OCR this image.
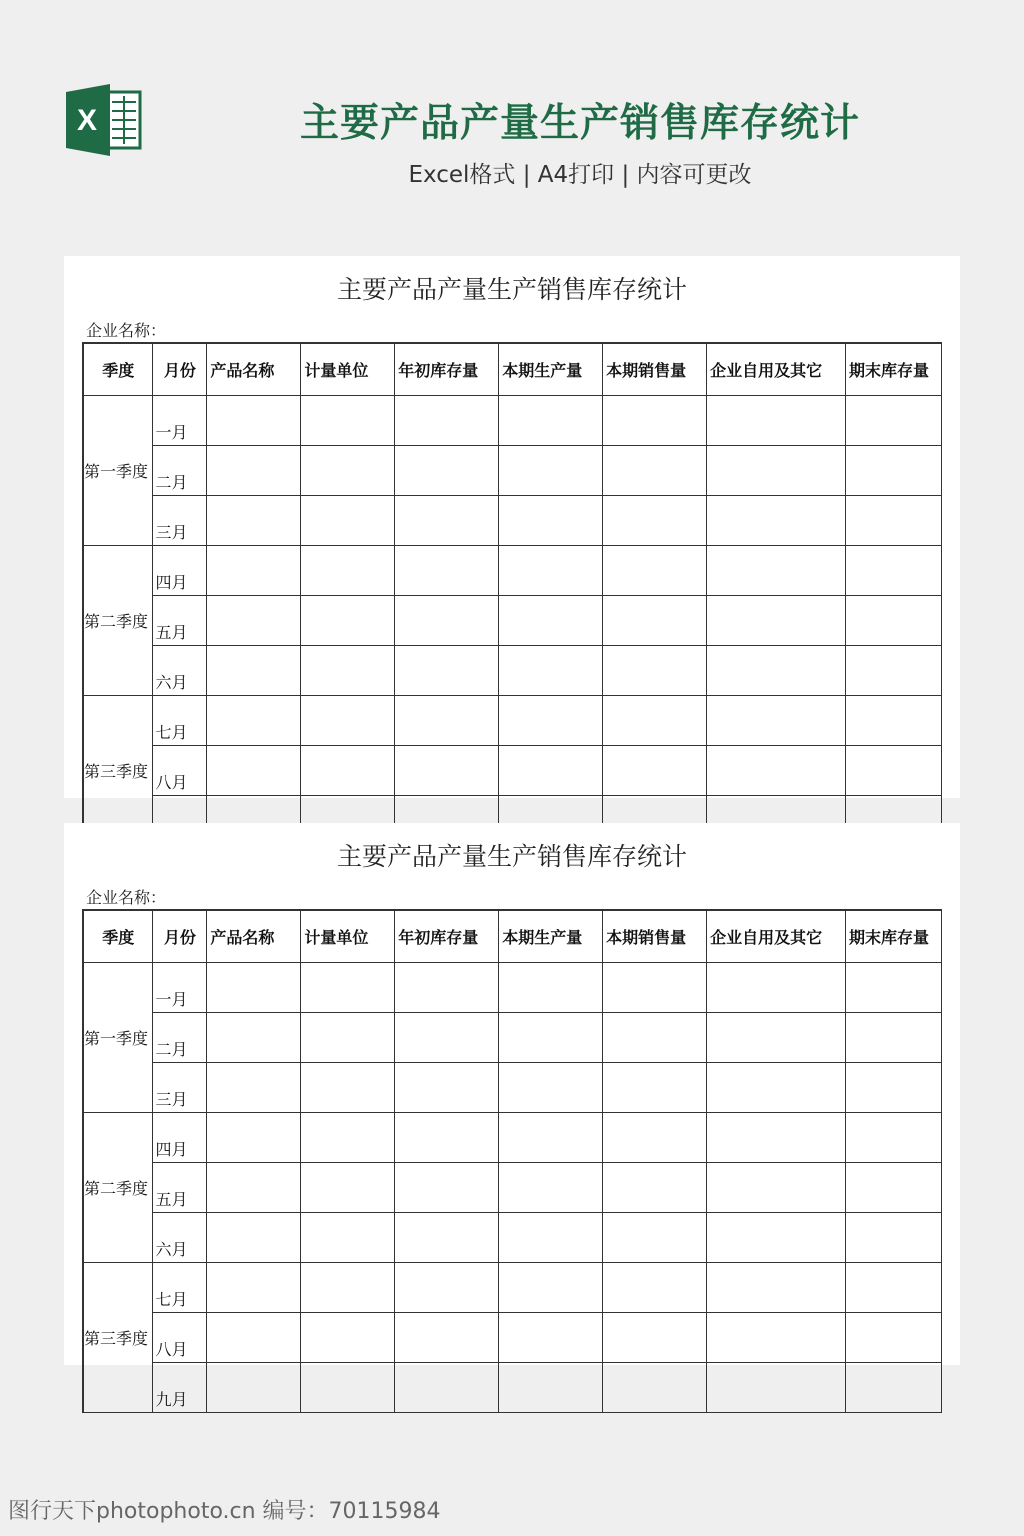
X	主要产品产量生产销售库存统计
Excel格式 | A4打印 | 内容可更改
主要产品产量生产销售库存统计
企业名称：
季度	月份	产品名称	计量单位	年初库存量	本期生产量	本期销售量	企业自用及其它	期末库存量
第一季度	一月							
	二月							
	三月							
第二季度	四月							
	五月							
	六月							
第三季度	七月							
	八月							

主要产品产量生产销售库存统计
企业名称：
季度	月份	产品名称	计量单位	年初库存量	本期生产量	本期销售量	企业自用及其它	期末库存量
第一季度	一月							
	二月							
	三月							
第二季度	四月							
	五月							
	六月							
第三季度	七月							
	八月							
	九月							
图行天下photophoto.cn 编号：70115984
